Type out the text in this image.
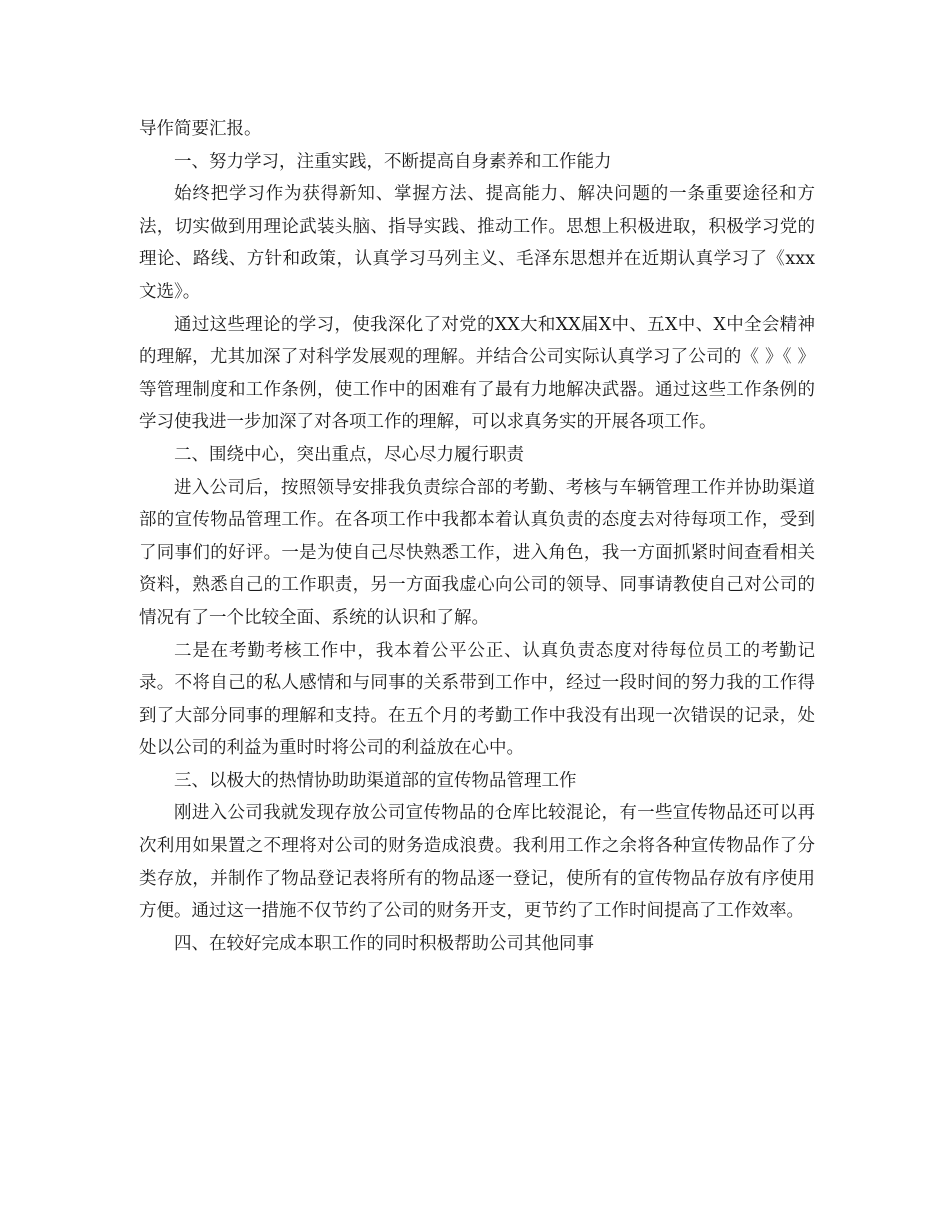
导作简要汇报。

一、努力学习，注重实践，不断提高自身素养和工作能力

始终把学习作为获得新知、掌握方法、提高能力、解决问题的一条重要途径和方法，切实做到用理论武装头脑、指导实践、推动工作。思想上积极进取，积极学习党的理论、路线、方针和政策，认真学习马列主义、毛泽东思想并在近期认真学习了《xxx文选》。

通过这些理论的学习，使我深化了对党的XX大和XX届X中、五X中、X中全会精神的理解，尤其加深了对科学发展观的理解。并结合公司实际认真学习了公司的《 》《 》等管理制度和工作条例，使工作中的困难有了最有力地解决武器。通过这些工作条例的学习使我进一步加深了对各项工作的理解，可以求真务实的开展各项工作。

二、围绕中心，突出重点，尽心尽力履行职责

进入公司后，按照领导安排我负责综合部的考勤、考核与车辆管理工作并协助渠道部的宣传物品管理工作。在各项工作中我都本着认真负责的态度去对待每项工作，受到了同事们的好评。一是为使自己尽快熟悉工作，进入角色，我一方面抓紧时间查看相关资料，熟悉自己的工作职责，另一方面我虚心向公司的领导、同事请教使自己对公司的情况有了一个比较全面、系统的认识和了解。

二是在考勤考核工作中，我本着公平公正、认真负责态度对待每位员工的考勤记录。不将自己的私人感情和与同事的关系带到工作中，经过一段时间的努力我的工作得到了大部分同事的理解和支持。在五个月的考勤工作中我没有出现一次错误的记录，处处以公司的利益为重时时将公司的利益放在心中。

三、以极大的热情协助助渠道部的宣传物品管理工作

刚进入公司我就发现存放公司宣传物品的仓库比较混论，有一些宣传物品还可以再次利用如果置之不理将对公司的财务造成浪费。我利用工作之余将各种宣传物品作了分类存放，并制作了物品登记表将所有的物品逐一登记，使所有的宣传物品存放有序使用方便。通过这一措施不仅节约了公司的财务开支，更节约了工作时间提高了工作效率。

四、在较好完成本职工作的同时积极帮助公司其他同事
